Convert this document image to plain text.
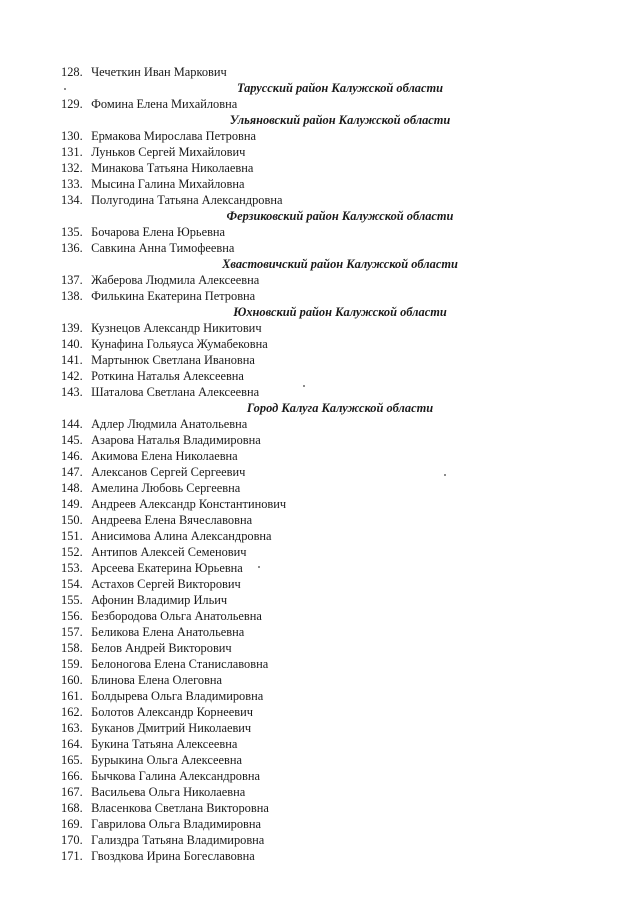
128. Чечеткин Иван Маркович
Тарусский район Калужской области
129. Фомина Елена Михайловна
Ульяновский район Калужской области
130. Ермакова Мирослава Петровна
131. Луньков Сергей Михайлович
132. Минакова Татьяна Николаевна
133. Мысина Галина Михайловна
134. Полугодина Татьяна Александровна
Ферзиковский район Калужской области
135. Бочарова Елена Юрьевна
136. Савкина Анна Тимофеевна
Хвастовичский район Калужской области
137. Жаберова Людмила Алексеевна
138. Филькина Екатерина Петровна
Юхновский район Калужской области
139. Кузнецов Александр Никитович
140. Кунафина Гольяуса Жумабековна
141. Мартынюк Светлана Ивановна
142. Роткина Наталья Алексеевна
143. Шаталова Светлана Алексеевна
Город Калуга Калужской области
144. Адлер Людмила Анатольевна
145. Азарова Наталья Владимировна
146. Акимова Елена Николаевна
147. Алексанов Сергей Сергеевич
148. Амелина Любовь Сергеевна
149. Андреев Александр Константинович
150. Андреева Елена Вячеславовна
151. Анисимова Алина Александровна
152. Антипов Алексей Семенович
153. Арсеева Екатерина Юрьевна
154. Астахов Сергей Викторович
155. Афонин Владимир Ильич
156. Безбородова Ольга Анатольевна
157. Беликова Елена Анатольевна
158. Белов Андрей Викторович
159. Белоногова Елена Станиславовна
160. Блинова Елена Олеговна
161. Болдырева Ольга Владимировна
162. Болотов Александр Корнеевич
163. Буканов Дмитрий Николаевич
164. Букина Татьяна Алексеевна
165. Бурыкина Ольга Алексеевна
166. Бычкова Галина Александровна
167. Васильева Ольга Николаевна
168. Власенкова Светлана Викторовна
169. Гаврилова Ольга Владимировна
170. Гализдра Татьяна Владимировна
171. Гвоздкова Ирина Богеславовна
